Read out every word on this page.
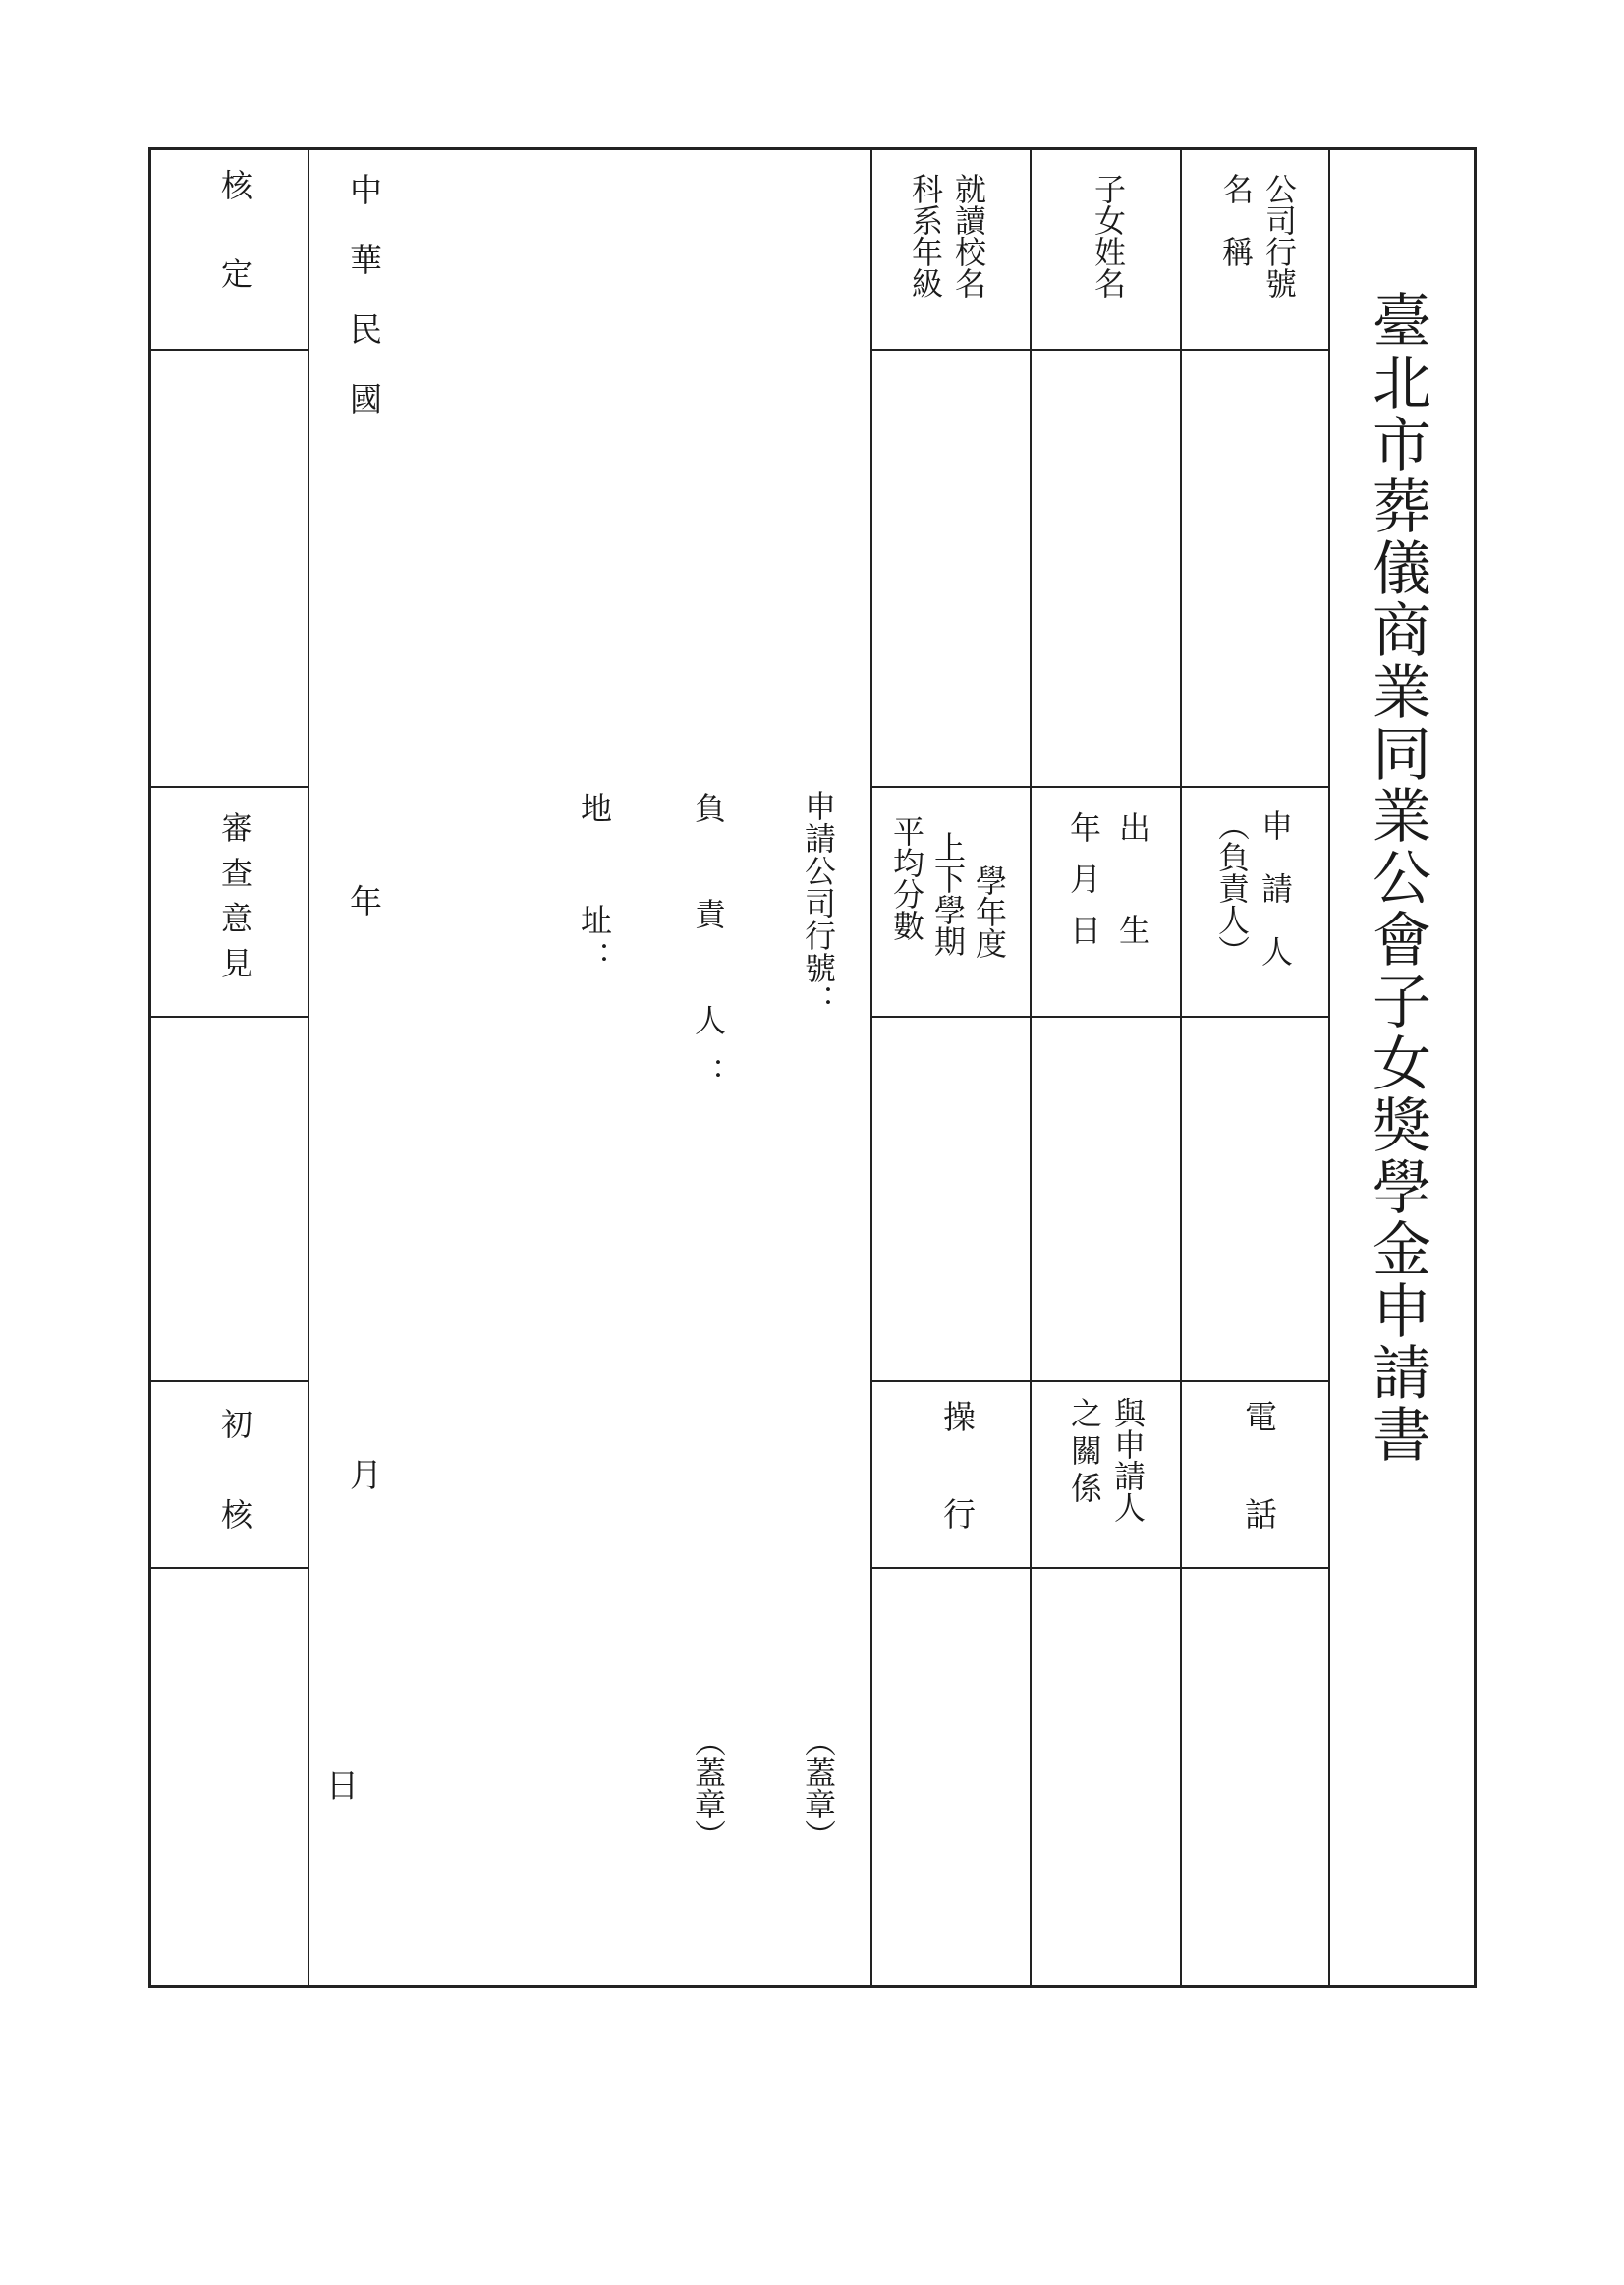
臺北市葬儀商業同業公會子女獎學金申請書

公司行號
名　稱

申　請　人
（負責人）

電話

子女姓名

出　生
年月日

與申請人
之關係

就讀校名
科系年級

學年度
上下學期
平均分數

操行

申請公司行號：

（蓋章）

負　責　人：

（蓋章）

地　　址：

中華民國

年

月

日

核定

審查意見

初核
